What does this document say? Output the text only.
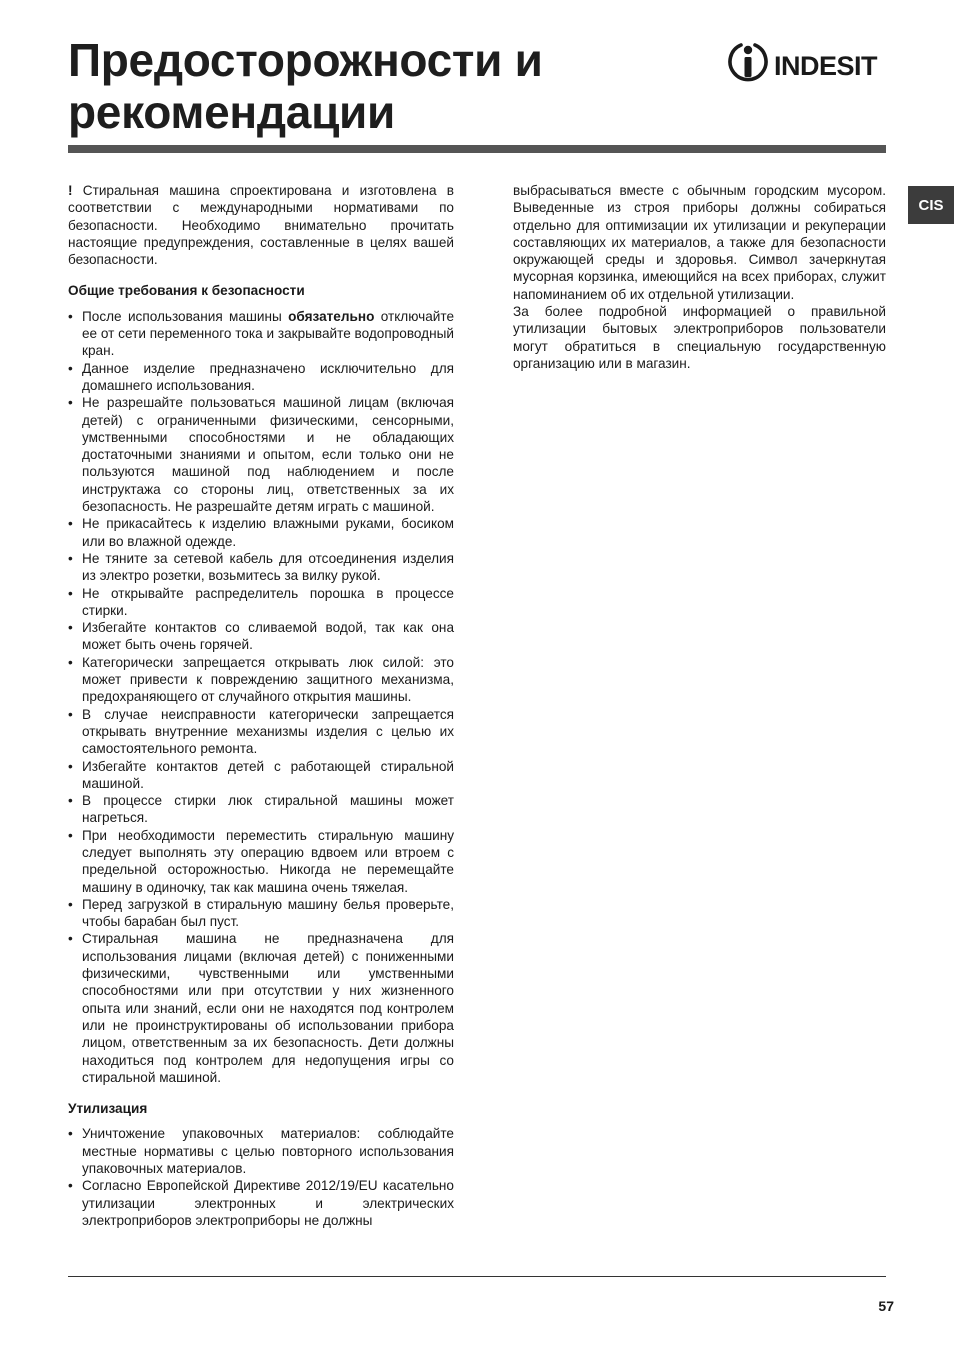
Предосторожности и
рекомендации
INDESIT
CIS

! Стиральная машина спроектирована и изготовлена в соответствии с международными нормативами по безопасности. Необходимо внимательно прочитать настоящие предупреждения, составленные в целях вашей безопасности.

Общие требования к безопасности
• После использования машины обязательно отключайте ее от сети переменного тока и закрывайте водопроводный кран.
• Данное изделие предназначено исключительно для домашнего использования.
• Не разрешайте пользоваться машиной лицам (включая детей) с ограниченными физическими, сенсорными, умственными способностями и не обладающих достаточными знаниями и опытом, если только они не пользуются машиной под наблюдением и после инструктажа со стороны лиц, ответственных за их безопасность. Не разрешайте детям играть с машиной.
• Не прикасайтесь к изделию влажными руками, босиком или во влажной одежде.
• Не тяните за сетевой кабель для отсоединения изделия из электро розетки, возьмитесь за вилку рукой.
• Не открывайте распределитель порошка в процессе стирки.
• Избегайте контактов со сливаемой водой, так как она может быть очень горячей.
• Категорически запрещается открывать люк силой: это может привести к повреждению защитного механизма, предохраняющего от случайного открытия машины.
• В случае неисправности категорически запрещается открывать внутренние механизмы изделия с целью их самостоятельного ремонта.
• Избегайте контактов детей с работающей стиральной машиной.
• В процессе стирки люк стиральной машины может нагреться.
• При необходимости переместить стиральную машину следует выполнять эту операцию вдвоем или втроем с предельной осторожностью. Никогда не перемещайте машину в одиночку, так как машина очень тяжелая.
• Перед загрузкой в стиральную машину белья проверьте, чтобы барабан был пуст.
• Стиральная машина не предназначена для использования лицами (включая детей) с пониженными физическими, чувственными или умственными способностями или при отсутствии у них жизненного опыта или знаний, если они не находятся под контролем или не проинструктированы об использовании прибора лицом, ответственным за их безопасность. Дети должны находиться под контролем для недопущения игры со стиральной машиной.
Утилизация
• Уничтожение упаковочных материалов: соблюдайте местные нормативы с целью повторного использования упаковочных материалов.
• Согласно Европейской Директиве 2012/19/EU касательно утилизации электронных и электрических электроприборов электроприборы не должны

выбрасываться вместе с обычным городским мусором. Выведенные из строя приборы должны собираться отдельно для оптимизации их утилизации и рекуперации составляющих их материалов, а также для безопасности окружающей среды и здоровья. Символ зачеркнутая мусорная корзинка, имеющийся на всех приборах, служит напоминанием об их отдельной утилизации.

За более подробной информацией о правильной утилизации бытовых электроприборов пользователи могут обратиться в специальную государственную организацию или в магазин.

57
